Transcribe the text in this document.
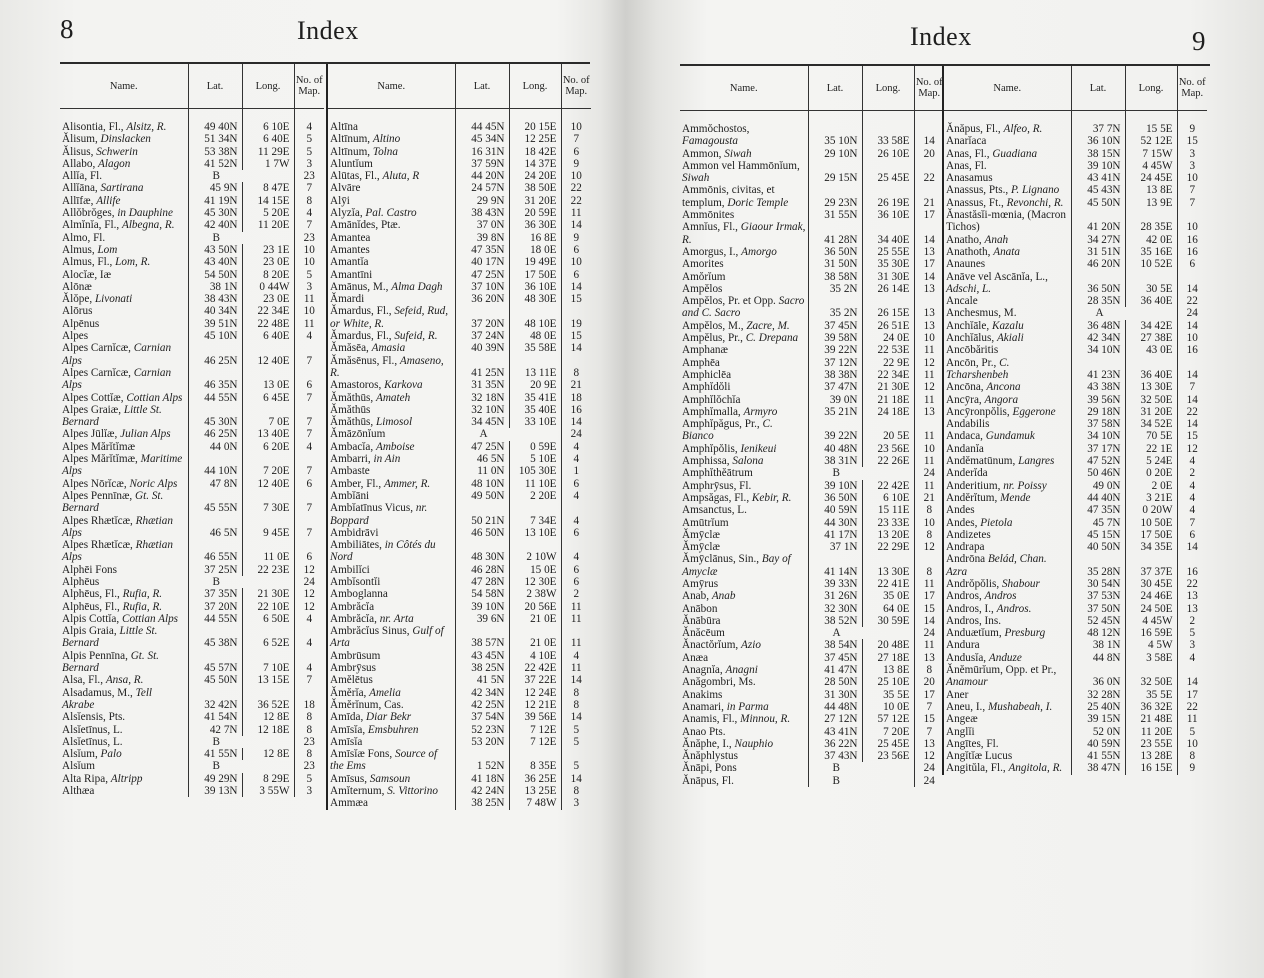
8	Index	Index	9
Name.	Lat.	Long.	No. of Map.

Alisontia, Fl., Alsitz, R.	49 40N	6 10E	4
Ălisum, Dinslacken	51 34N	6 40E	5
Ălisus, Schwerin	53 38N	11 29E	5
Allabo, Alagon	41 52N	1 7W	3
Allĭa, Fl.	B		23
Allĭāna, Sartirana	45 9N	8 47E	7
Allīfæ, Allife	41 19N	14 15E	8
Allŏbrŏges, in Dauphine	45 30N	5 20E	4
Almĭnĭa, Fl., Albegna, R.	42 40N	11 20E	7
Almo, Fl.	B		23
Almus, Lom	43 50N	23 1E	10
Almus, Fl., Lom, R.	43 40N	23 0E	10
Alocĭæ, Iæ	54 50N	8 20E	5
Alōnæ	38 1N	0 44W	3
Ălŏpe, Livonati	38 43N	23 0E	11
Alōrus	40 34N	22 34E	10
Alpēnus	39 51N	22 48E	11
Alpes	45 10N	6 40E	4
Alpes Carnĭcæ, Carnian Alps	46 25N	12 40E	7
Alpes Carnĭcæ, Carnian Alps	46 35N	13 0E	6
Alpes Cottĭæ, Cottian Alps	44 55N	6 45E	7
Alpes Graiæ, Little St. Bernard	45 30N	7 0E	7
Alpes Jūlĭæ, Julian Alps	46 25N	13 40E	7
Alpes Mărĭtĭmæ	44 0N	6 20E	4
Alpes Mărĭtĭmæ, Maritime Alps	44 10N	7 20E	7
Alpes Nōrĭcæ, Noric Alps	47 8N	12 40E	6
Alpes Pennīnæ, Gt. St. Bernard	45 55N	7 30E	7
Alpes Rhætĭcæ, Rhætian Alps	46 5N	9 45E	7
Alpes Rhætĭcæ, Rhætian Alps	46 55N	11 0E	6
Alphēi Fons	37 25N	22 23E	12
Alphēus	B		24
Alphēus, Fl., Rufia, R.	37 35N	21 30E	12
Alphēus, Fl., Rufia, R.	37 20N	22 10E	12
Alpis Cottĭa, Cottian Alps	44 55N	6 50E	4
Alpis Graia, Little St. Bernard	45 38N	6 52E	4
Alpis Pennīna, Gt. St. Bernard	45 57N	7 10E	4
Alsa, Fl., Ansa, R.	45 50N	13 15E	7
Alsadamus, M., Tell Akrabe	32 42N	36 52E	18
Alsĭensis, Pts.	41 54N	12 8E	8
Alsĭetīnus, L.	42 7N	12 18E	8
Alsĭetīnus, L.	B		23
Alsĭum, Palo	41 55N	12 8E	8
Alsĭum	B		23
Alta Ripa, Altripp	49 29N	8 29E	5
Althæa	39 13N	3 55W	3
Name.	Lat.	Long.	No. of Map.

Altīna	44 45N	20 15E	10
Altīnum, Altino	45 34N	12 25E	7
Altīnum, Tolna	16 31N	18 42E	6
Aluntĭum	37 59N	14 37E	9
Alūtas, Fl., Aluta, R	44 20N	24 20E	10
Alvāre	24 57N	38 50E	22
Alȳi	29 9N	31 20E	22
Alyzĭa, Pal. Castro	38 43N	20 59E	11
Amānĭdes, Ptæ.	37 0N	36 30E	14
Amantea	39 8N	16 8E	9
Amantes	47 35N	18 0E	6
Amantĭa	40 17N	19 49E	10
Amantīni	47 25N	17 50E	6
Amānus, M., Alma Dagh	37 10N	36 10E	14
Ămardi	36 20N	48 30E	15
Ămardus, Fl., Sefeid, Rud, or White, R.	37 20N	48 10E	19
Ămardus, Fl., Sufeid, R.	37 24N	48 0E	15
Ămăsēa, Amasia	40 39N	35 58E	14
Ămăsēnus, Fl., Amaseno, R.	41 25N	13 11E	8
Amastoros, Karkova	31 35N	20 9E	21
Ămăthūs, Amateh	32 18N	35 41E	18
Ămăthūs	32 10N	35 40E	16
Ămăthūs, Limosol	34 45N	33 10E	14
Ămāzōnĭum	A		24
Ambacĭa, Amboise	47 25N	0 59E	4
Ambarri, in Ain	46 5N	5 10E	4
Ambaste	11 0N	105 30E	1
Amber, Fl., Ammer, R.	48 10N	11 10E	6
Ambĭāni	49 50N	2 20E	4
Ambĭatīnus Vicus, nr. Boppard	50 21N	7 34E	4
Ambidrāvi	46 50N	13 10E	6
Ambiliātes, in Côtés du Nord	48 30N	2 10W	4
Ambilĭci	46 28N	15 0E	6
Ambĭsontĭi	47 28N	12 30E	6
Amboglanna	54 58N	2 38W	2
Ambrăcĭa	39 10N	20 56E	11
Ambrăcĭa, nr. Arta	39 6N	21 0E	11
Ambrăcĭus Sinus, Gulf of Arta	38 57N	21 0E	11
Ambrūsum	43 45N	4 10E	4
Ambrȳsus	38 25N	22 42E	11
Amĕlētus	41 5N	37 22E	14
Ămĕrĭa, Amelia	42 34N	12 24E	8
Ămĕrĭnum, Cas.	42 25N	12 21E	8
Amīda, Diar Bekr	37 54N	39 56E	14
Amīsĭa, Emsbuhren	52 23N	7 12E	5
Amīsĭa	53 20N	7 12E	5
Amīsĭæ Fons, Source of the Ems	1 52N	8 35E	5
Amīsus, Samsoun	41 18N	36 25E	14
Amĭternum, S. Vittorino	42 24N	13 25E	8
Ammæa	38 25N	7 48W	3
Name.	Lat.	Long.	No. of Map.

Ammŏchostos, Famagousta	35 10N	33 58E	14
Ammon, Siwah	29 10N	26 10E	20
Ammon vel Hammōnĭum, Siwah	29 15N	25 45E	22
Ammōnis, civitas, et templum, Doric Temple	29 23N	26 19E	21
Ammōnites	31 55N	36 10E	17
Amnĭus, Fl., Giaour Irmak, R.	41 28N	34 40E	14
Amorgus, I., Amorgo	36 50N	25 55E	13
Amorites	31 50N	35 30E	17
Amŏrĭum	38 58N	31 30E	14
Ampĕlos	35 2N	26 14E	13
Ampĕlos, Pr. et Opp. Sacro and C. Sacro	35 2N	26 15E	13
Ampĕlos, M., Zacre, M.	37 45N	26 51E	13
Ampĕlus, Pr., C. Drepana	39 58N	24 0E	10
Amphanæ	39 22N	22 53E	11
Amphēa	37 12N	22 9E	12
Amphiclēa	38 38N	22 34E	11
Amphĭdŏli	37 47N	21 30E	12
Amphĭlŏchĭa	39 0N	21 18E	11
Amphĭmalla, Armyro	35 21N	24 18E	13
Amphĭpăgus, Pr., C. Bianco	39 22N	20 5E	11
Amphĭpŏlis, Ienikeui	40 48N	23 56E	10
Amphissa, Salona	38 31N	22 26E	11
Amphĭthĕātrum	B		24
Amphrȳsus, Fl.	39 10N	22 42E	11
Ampsăgas, Fl., Kebir, R.	36 50N	6 10E	21
Amsanctus, L.	40 59N	15 11E	8
Amūtrĭum	44 30N	23 33E	10
Ămȳclæ	41 17N	13 20E	8
Ămȳclæ	37 1N	22 29E	12
Ămȳclānus, Sin., Bay of Amyclæ	41 14N	13 30E	8
Amȳrus	39 33N	22 41E	11
Anab, Anab	31 26N	35 0E	17
Anābon	32 30N	64 0E	15
Ănābūra	38 52N	30 59E	14
Ănăcēum	A		24
Ănactŏrĭum, Azio	38 54N	20 48E	11
Anæa	37 45N	27 18E	13
Anagnĭa, Anagni	41 47N	13 8E	8
Anăgombri, Ms.	28 50N	25 10E	20
Anakims	31 30N	35 5E	17
Anamari, in Parma	44 48N	10 0E	7
Anamis, Fl., Minnou, R.	27 12N	57 12E	15
Anao Pts.	43 41N	7 20E	7
Ănăphe, I., Nauphio	36 22N	25 45E	13
Ănăphlystus	37 43N	23 56E	12
Ănāpi, Pons	B		24
Ănāpus, Fl.	B		24
Name.	Lat.	Long.	No. of Map.

Ănăpus, Fl., Alfeo, R.	37 7N	15 5E	9
Anarĭaca	36 10N	52 12E	15
Anas, Fl., Guadiana	38 15N	7 15W	3
Anas, Fl.	39 10N	4 45W	3
Anasamus	43 41N	24 45E	10
Anassus, Pts., P. Lignano	45 43N	13 8E	7
Anassus, Ft., Revonchi, R.	45 50N	13 9E	7
Ănastăsĭi-mœnia, (Macron Tichos)	41 20N	28 35E	10
Anatho, Anah	34 27N	42 0E	16
Anathoth, Anata	31 51N	35 16E	16
Anaunes	46 20N	10 52E	6
Anāve vel Ascānĭa, L., Adschi, L.	36 50N	30 5E	14
Ancale	28 35N	36 40E	22
Anchesmus, M.	A		24
Anchĭāle, Kazalu	36 48N	34 42E	14
Anchĭālus, Akiali	42 34N	27 38E	10
Ancōbăritis	34 10N	43 0E	16
Ancōn, Pr., C. Tcharshenbeh	41 23N	36 40E	14
Ancōna, Ancona	43 38N	13 30E	7
Ancȳra, Angora	39 56N	32 50E	14
Ancȳronpŏlis, Eggerone	29 18N	31 20E	22
Andabilis	37 58N	34 52E	14
Andaca, Gundamuk	34 10N	70 5E	15
Andanĭa	37 17N	22 1E	12
Andĕmatūnum, Langres	47 52N	5 24E	4
Anderĭda	50 46N	0 20E	2
Anderitium, nr. Poissy	49 0N	2 0E	4
Andĕrĭtum, Mende	44 40N	3 21E	4
Andes	47 35N	0 20W	4
Andes, Pietola	45 7N	10 50E	7
Andizetes	45 15N	17 50E	6
Andrapa	40 50N	34 35E	14
Andrōna Belád, Chan. Azra	35 28N	37 37E	16
Andrŏpŏlis, Shabour	30 54N	30 45E	22
Andros, Andros	37 53N	24 46E	13
Andros, I., Andros.	37 50N	24 50E	13
Andros, Ins.	52 45N	4 45W	2
Anduætĭum, Presburg	48 12N	16 59E	5
Andura	38 1N	4 5W	3
Andusĭa, Anduze	44 8N	3 58E	4
Ănĕmūrĭum, Opp. et Pr., Anamour	36 0N	32 50E	14
Aner	32 28N	35 5E	17
Aneu, I., Mushabeah, I.	25 40N	36 32E	22
Angeæ	39 15N	21 48E	11
Anglĭi	52 0N	11 20E	5
Angītes, Fl.	40 59N	23 55E	10
Angĭtĭæ Lucus	41 55N	13 28E	8
Angitŭla, Fl., Angitola, R.	38 47N	16 15E	9
